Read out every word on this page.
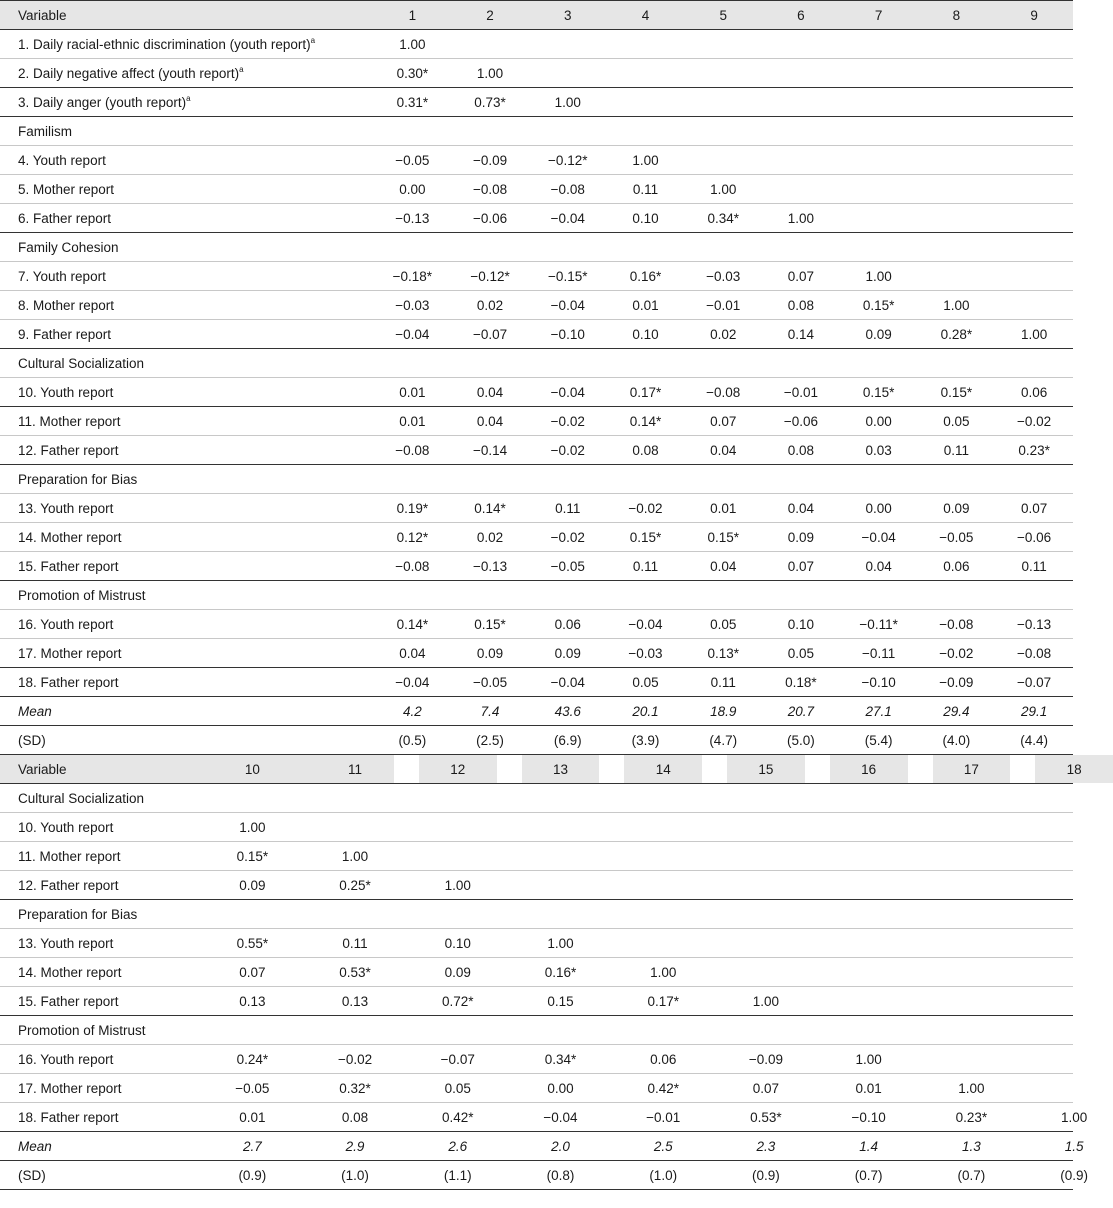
Variable	1	2	3	4	5	6	7	8	9
1. Daily racial-ethnic discrimination (youth report)$^a$	1.00								
2. Daily negative affect (youth report)$^a$	0.30*	1.00							
3. Daily anger (youth report)$^a$	0.31*	0.73*	1.00						
Familism
4. Youth report	−0.05	−0.09	−0.12*	1.00					
5. Mother report	0.00	−0.08	−0.08	0.11	1.00				
6. Father report	−0.13	−0.06	−0.04	0.10	0.34*	1.00			
Family Cohesion
7. Youth report	−0.18*	−0.12*	−0.15*	0.16*	−0.03	0.07	1.00		
8. Mother report	−0.03	0.02	−0.04	0.01	−0.01	0.08	0.15*	1.00	
9. Father report	−0.04	−0.07	−0.10	0.10	0.02	0.14	0.09	0.28*	1.00
Cultural Socialization
10. Youth report	0.01	0.04	−0.04	0.17*	−0.08	−0.01	0.15*	0.15*	0.06
11. Mother report	0.01	0.04	−0.02	0.14*	0.07	−0.06	0.00	0.05	−0.02
12. Father report	−0.08	−0.14	−0.02	0.08	0.04	0.08	0.03	0.11	0.23*
Preparation for Bias
13. Youth report	0.19*	0.14*	0.11	−0.02	0.01	0.04	0.00	0.09	0.07
14. Mother report	0.12*	0.02	−0.02	0.15*	0.15*	0.09	−0.04	−0.05	−0.06
15. Father report	−0.08	−0.13	−0.05	0.11	0.04	0.07	0.04	0.06	0.11
Promotion of Mistrust
16. Youth report	0.14*	0.15*	0.06	−0.04	0.05	0.10	−0.11*	−0.08	−0.13
17. Mother report	0.04	0.09	0.09	−0.03	0.13*	0.05	−0.11	−0.02	−0.08
18. Father report	−0.04	−0.05	−0.04	0.05	0.11	0.18*	−0.10	−0.09	−0.07
Mean	4.2	7.4	43.6	20.1	18.9	20.7	27.1	29.4	29.1
(SD)	(0.5)	(2.5)	(6.9)	(3.9)	(4.7)	(5.0)	(5.4)	(4.0)	(4.4)
Variable	10	11	12	13	14	15	16	17	18
Cultural Socialization
10. Youth report	1.00								
11. Mother report	0.15*	1.00							
12. Father report	0.09	0.25*	1.00						
Preparation for Bias
13. Youth report	0.55*	0.11	0.10	1.00					
14. Mother report	0.07	0.53*	0.09	0.16*	1.00				
15. Father report	0.13	0.13	0.72*	0.15	0.17*	1.00			
Promotion of Mistrust
16. Youth report	0.24*	−0.02	−0.07	0.34*	0.06	−0.09	1.00		
17. Mother report	−0.05	0.32*	0.05	0.00	0.42*	0.07	0.01	1.00	
18. Father report	0.01	0.08	0.42*	−0.04	−0.01	0.53*	−0.10	0.23*	1.00
Mean	2.7	2.9	2.6	2.0	2.5	2.3	1.4	1.3	1.5
(SD)	(0.9)	(1.0)	(1.1)	(0.8)	(1.0)	(0.9)	(0.7)	(0.7)	(0.9)
